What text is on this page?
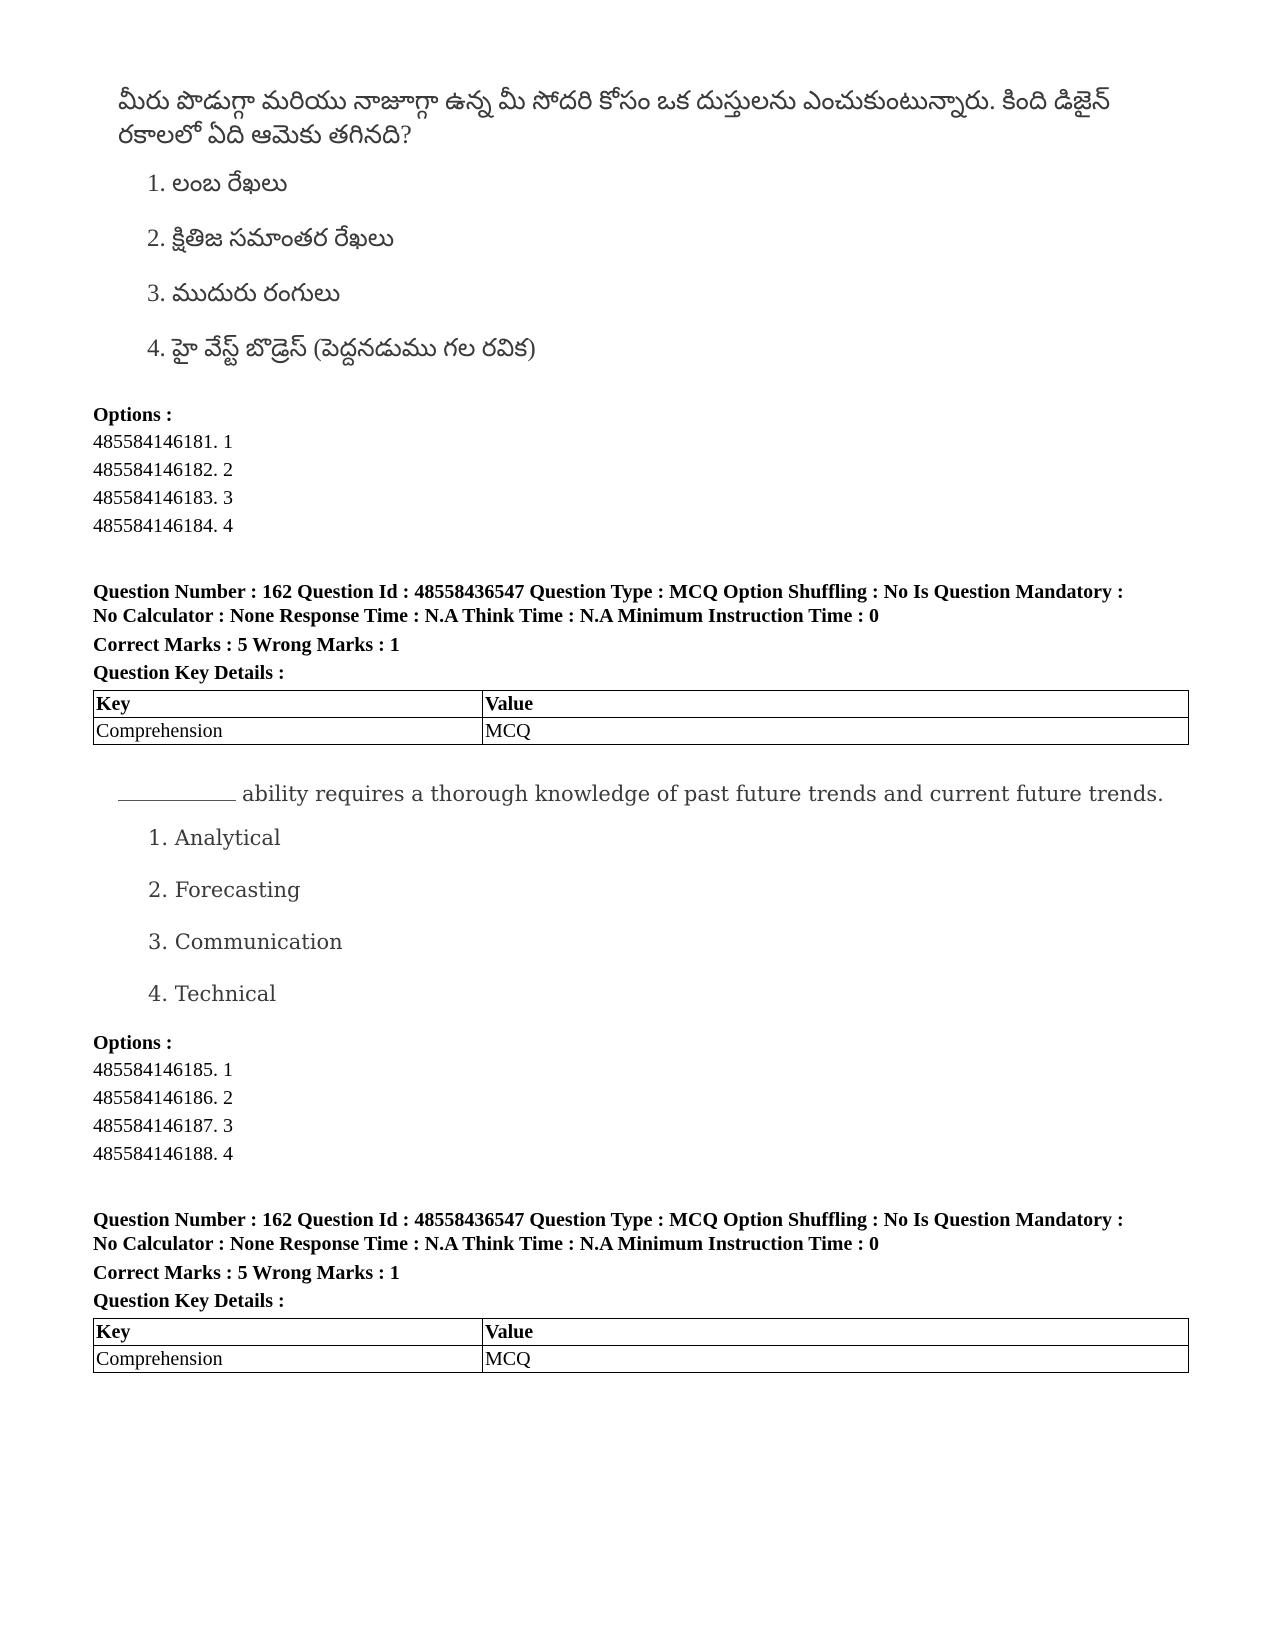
మీరు పొడుగ్గా మరియు నాజూగ్గా ఉన్న మీ సోదరి కోసం ఒక దుస్తులను ఎంచుకుంటున్నారు. కింది డిజైన్ రకాలలో ఏది ఆమెకు తగినది?
1. లంబ రేఖలు
2. క్షితిజ సమాంతర రేఖలు
3. ముదురు రంగులు
4. హై వేస్ట్ బొడ్రెస్ (పెద్దనడుము గల రవిక)
Options :
485584146181. 1
485584146182. 2
485584146183. 3
485584146184. 4
Question Number : 162 Question Id : 48558436547 Question Type : MCQ Option Shuffling : No Is Question Mandatory :
No Calculator : None Response Time : N.A Think Time : N.A Minimum Instruction Time : 0
Correct Marks : 5 Wrong Marks : 1
Question Key Details :
Key	Value
Comprehension	MCQ
ability requires a thorough knowledge of past future trends and current future trends.
1. Analytical
2. Forecasting
3. Communication
4. Technical
Options :
485584146185. 1
485584146186. 2
485584146187. 3
485584146188. 4
Question Number : 162 Question Id : 48558436547 Question Type : MCQ Option Shuffling : No Is Question Mandatory :
No Calculator : None Response Time : N.A Think Time : N.A Minimum Instruction Time : 0
Correct Marks : 5 Wrong Marks : 1
Question Key Details :
Key	Value
Comprehension	MCQ
